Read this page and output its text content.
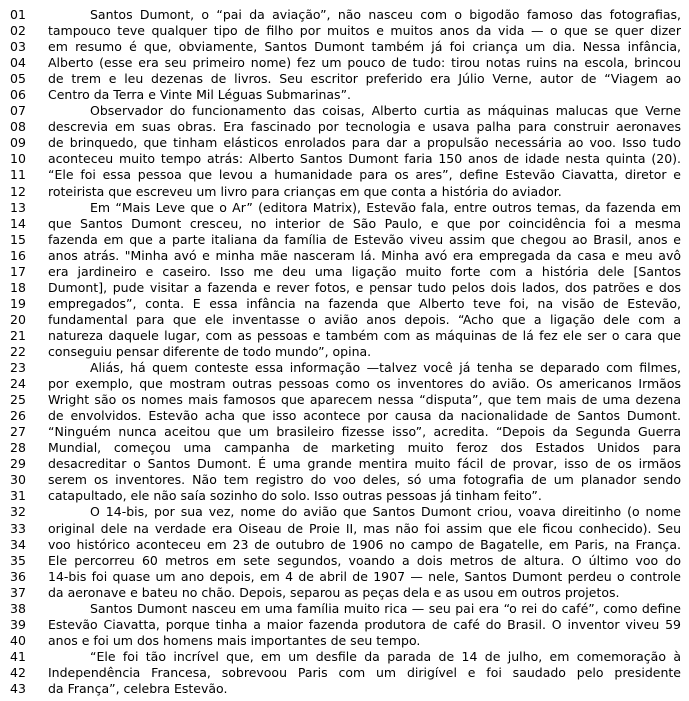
01	Santos Dumont, o “pai da aviação”, não nasceu com o bigodão famoso das fotografias,
02	tampouco teve qualquer tipo de filho por muitos e muitos anos da vida — o que se quer dizer
03	em resumo é que, obviamente, Santos Dumont também já foi criança um dia. Nessa infância,
04	Alberto (esse era seu primeiro nome) fez um pouco de tudo: tirou notas ruins na escola, brincou
05	de trem e leu dezenas de livros. Seu escritor preferido era Júlio Verne, autor de “Viagem ao
06	Centro da Terra e Vinte Mil Léguas Submarinas”.
07	Observador do funcionamento das coisas, Alberto curtia as máquinas malucas que Verne
08	descrevia em suas obras. Era fascinado por tecnologia e usava palha para construir aeronaves
09	de brinquedo, que tinham elásticos enrolados para dar a propulsão necessária ao voo. Isso tudo
10	aconteceu muito tempo atrás: Alberto Santos Dumont faria 150 anos de idade nesta quinta (20).
11	“Ele foi essa pessoa que levou a humanidade para os ares”, define Estevão Ciavatta, diretor e
12	roteirista que escreveu um livro para crianças em que conta a história do aviador.
13	Em “Mais Leve que o Ar” (editora Matrix), Estevão fala, entre outros temas, da fazenda em
14	que Santos Dumont cresceu, no interior de São Paulo, e que por coincidência foi a mesma
15	fazenda em que a parte italiana da família de Estevão viveu assim que chegou ao Brasil, anos e
16	anos atrás. "Minha avó e minha mãe nasceram lá. Minha avó era empregada da casa e meu avô
17	era jardineiro e caseiro. Isso me deu uma ligação muito forte com a história dele [Santos
18	Dumont], pude visitar a fazenda e rever fotos, e pensar tudo pelos dois lados, dos patrões e dos
19	empregados”, conta. E essa infância na fazenda que Alberto teve foi, na visão de Estevão,
20	fundamental para que ele inventasse o avião anos depois. “Acho que a ligação dele com a
21	natureza daquele lugar, com as pessoas e também com as máquinas de lá fez ele ser o cara que
22	conseguiu pensar diferente de todo mundo”, opina.
23	Aliás, há quem conteste essa informação —talvez você já tenha se deparado com filmes,
24	por exemplo, que mostram outras pessoas como os inventores do avião. Os americanos Irmãos
25	Wright são os nomes mais famosos que aparecem nessa “disputa”, que tem mais de uma dezena
26	de envolvidos. Estevão acha que isso acontece por causa da nacionalidade de Santos Dumont.
27	“Ninguém nunca aceitou que um brasileiro fizesse isso”, acredita. “Depois da Segunda Guerra
28	Mundial, começou uma campanha de marketing muito feroz dos Estados Unidos para
29	desacreditar o Santos Dumont. É uma grande mentira muito fácil de provar, isso de os irmãos
30	serem os inventores. Não tem registro do voo deles, só uma fotografia de um planador sendo
31	catapultado, ele não saía sozinho do solo. Isso outras pessoas já tinham feito”.
32	O 14-bis, por sua vez, nome do avião que Santos Dumont criou, voava direitinho (o nome
33	original dele na verdade era Oiseau de Proie II, mas não foi assim que ele ficou conhecido). Seu
34	voo histórico aconteceu em 23 de outubro de 1906 no campo de Bagatelle, em Paris, na França.
35	Ele percorreu 60 metros em sete segundos, voando a dois metros de altura. O último voo do
36	14-bis foi quase um ano depois, em 4 de abril de 1907 — nele, Santos Dumont perdeu o controle
37	da aeronave e bateu no chão. Depois, separou as peças dela e as usou em outros projetos.
38	Santos Dumont nasceu em uma família muito rica — seu pai era “o rei do café”, como define
39	Estevão Ciavatta, porque tinha a maior fazenda produtora de café do Brasil. O inventor viveu 59
40	anos e foi um dos homens mais importantes de seu tempo.
41	“Ele foi tão incrível que, em um desfile da parada de 14 de julho, em comemoração à
42	Independência Francesa, sobrevoou Paris com um dirigível e foi saudado pelo presidente
43	da França”, celebra Estevão.
